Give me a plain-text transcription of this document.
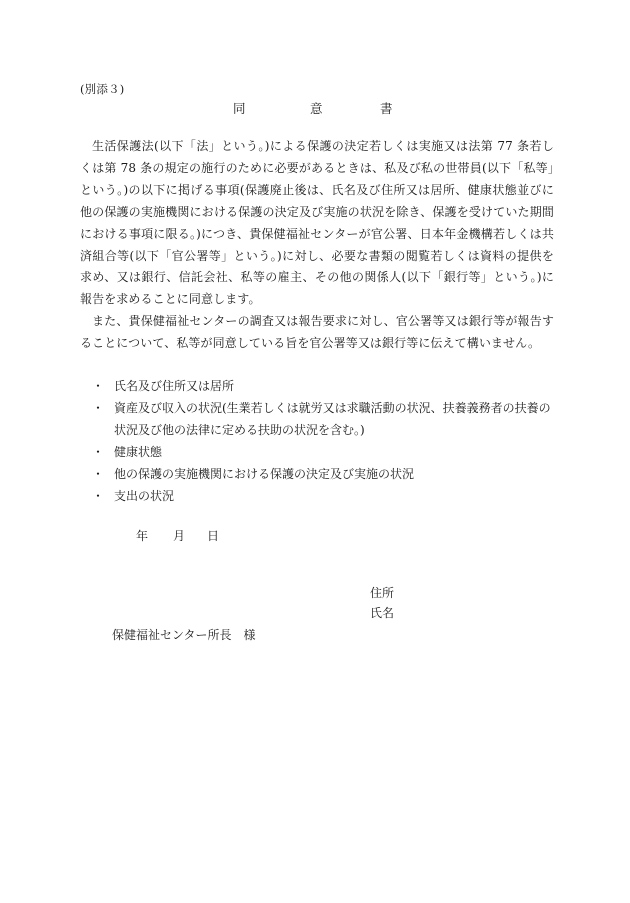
(別添３)
同	意	書

生活保護法(以下「法」という。)による保護の決定若しくは実施又は法第 77 条若しくは第 78 条の規定の施行のために必要があるときは、私及び私の世帯員(以下「私等」という。)の以下に掲げる事項(保護廃止後は、氏名及び住所又は居所、健康状態並びに他の保護の実施機関における保護の決定及び実施の状況を除き、保護を受けていた期間における事項に限る。)につき、貴保健福祉センターが官公署、日本年金機構若しくは共済組合等(以下「官公署等」という。)に対し、必要な書類の閲覧若しくは資料の提供を求め、又は銀行、信託会社、私等の雇主、その他の関係人(以下「銀行等」という。)に報告を求めることに同意します。

また、貴保健福祉センターの調査又は報告要求に対し、官公署等又は銀行等が報告することについて、私等が同意している旨を官公署等又は銀行等に伝えて構いません。

・ 氏名及び住所又は居所
・ 資産及び収入の状況(生業若しくは就労又は求職活動の状況、扶養義務者の扶養の状況及び他の法律に定める扶助の状況を含む。)
・ 健康状態
・ 他の保護の実施機関における保護の決定及び実施の状況
・ 支出の状況
年 月 日
住所
氏名
保健福祉センター所長　様
